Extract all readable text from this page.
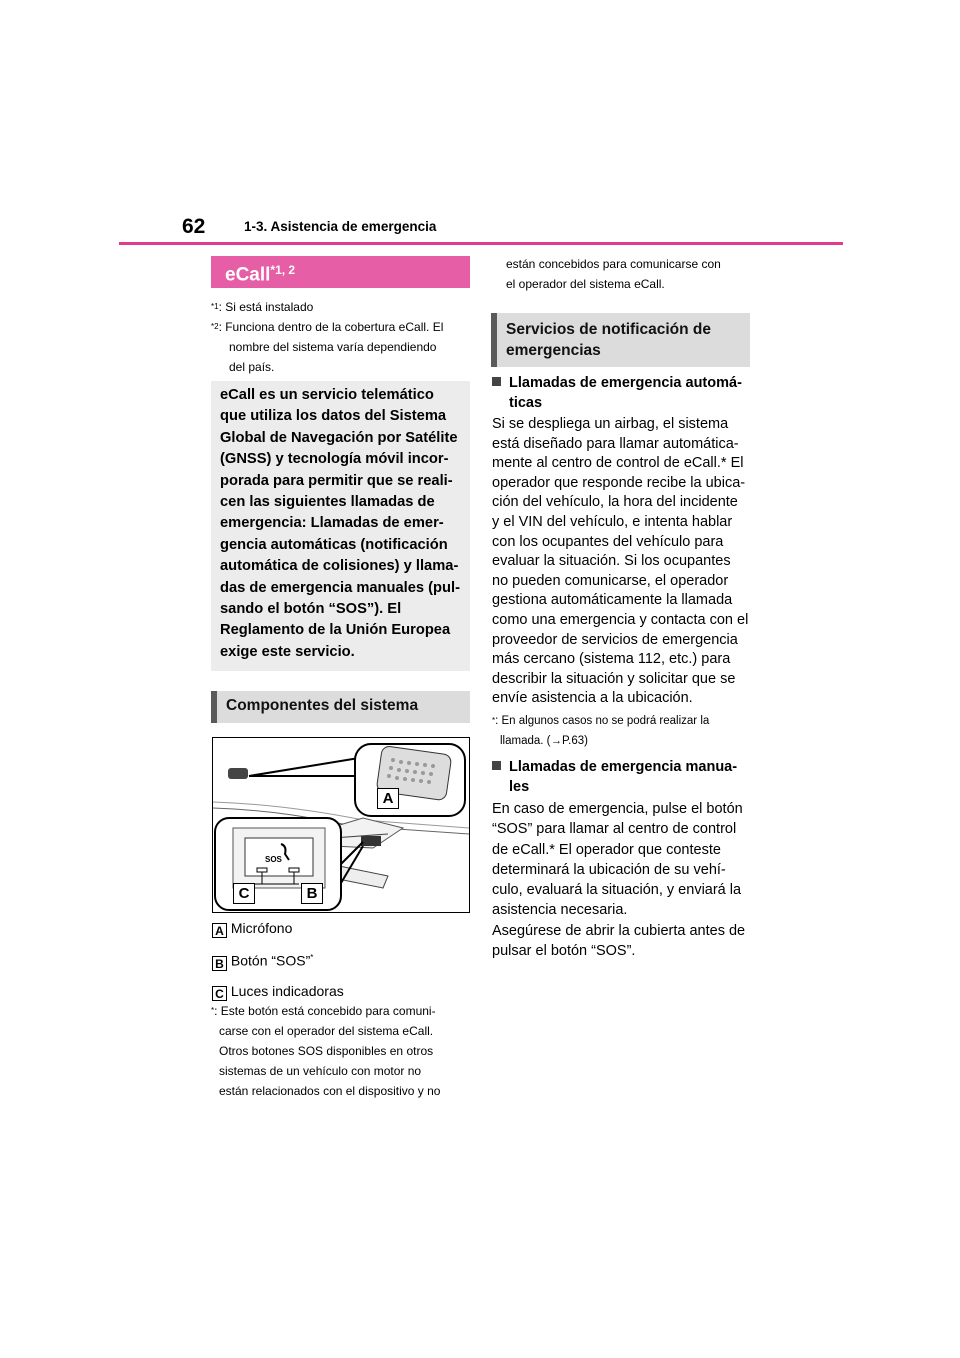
62	1-3. Asistencia de emergencia
eCall$^{*1, 2}$
$^{*1}$: Si está instalado
$^{*2}$: Funciona dentro de la cobertura eCall. El
nombre del sistema varía dependiendo
del país.
eCall es un servicio telemático
que utiliza los datos del Sistema
Global de Navegación por Satélite
(GNSS) y tecnología móvil incor-
porada para permitir que se reali-
cen las siguientes llamadas de
emergencia: Llamadas de emer-
gencia automáticas (notificación
automática de colisiones) y llama-
das de emergencia manuales (pul-
sando el botón “SOS”). El
Reglamento de la Unión Europea
exige este servicio.
Componentes del sistema
SOS
A
C	B
A Micrófono
B Botón “SOS”*
C Luces indicadoras
*: Este botón está concebido para comuni-
carse con el operador del sistema eCall.
Otros botones SOS disponibles en otros
sistemas de un vehículo con motor no
están relacionados con el dispositivo y no
están concebidos para comunicarse con
el operador del sistema eCall.
Servicios de notificación de
emergencias
Llamadas de emergencia automá-
ticas
Si se despliega un airbag, el sistema
está diseñado para llamar automática-
mente al centro de control de eCall.* El
operador que responde recibe la ubica-
ción del vehículo, la hora del incidente
y el VIN del vehículo, e intenta hablar
con los ocupantes del vehículo para
evaluar la situación. Si los ocupantes
no pueden comunicarse, el operador
gestiona automáticamente la llamada
como una emergencia y contacta con el
proveedor de servicios de emergencia
más cercano (sistema 112, etc.) para
describir la situación y solicitar que se
envíe asistencia a la ubicación.
*: En algunos casos no se podrá realizar la
llamada. (→P.63)
Llamadas de emergencia manua-
les
En caso de emergencia, pulse el botón
“SOS” para llamar al centro de control
de eCall.* El operador que conteste
determinará la ubicación de su vehí-
culo, evaluará la situación, y enviará la
asistencia necesaria.
Asegúrese de abrir la cubierta antes de
pulsar el botón “SOS”.
